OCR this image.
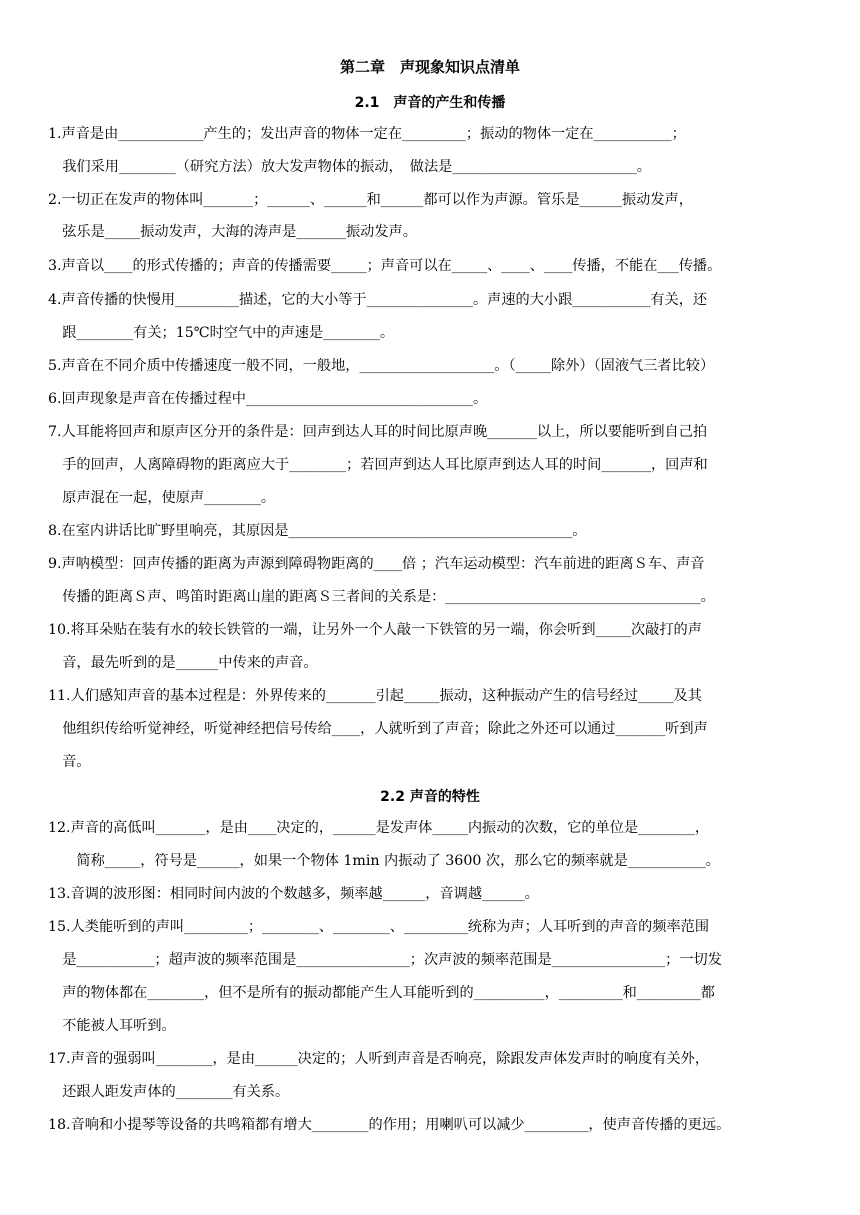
第二章　声现象知识点清单
2.1　声音的产生和传播

1.声音是由____________产生的；发出声音的物体一定在_________；振动的物体一定在___________；

　我们采用________（研究方法）放大发声物体的振动，　做法是__________________________。

2.一切正在发声的物体叫_______；______、______和______都可以作为声源。管乐是______振动发声，

　弦乐是_____振动发声，大海的涛声是_______振动发声。

3.声音以____的形式传播的；声音的传播需要_____；声音可以在_____、____、____传播，不能在___传播。

4.声音传播的快慢用_________描述，它的大小等于_______________。声速的大小跟___________有关，还

　跟________有关；15℃时空气中的声速是________。

5.声音在不同介质中传播速度一般不同，一般地，___________________。（_____除外）（固液气三者比较）

6.回声现象是声音在传播过程中________________________________。

7.人耳能将回声和原声区分开的条件是：回声到达人耳的时间比原声晚_______以上，所以要能听到自己拍

　手的回声，人离障碍物的距离应大于________；若回声到达人耳比原声到达人耳的时间_______，回声和

　原声混在一起，使原声________。

8.在室内讲话比旷野里响亮，其原因是________________________________________。

9.声呐模型：回声传播的距离为声源到障碍物距离的____倍 ；汽车运动模型：汽车前进的距离Ｓ车、声音

　传播的距离Ｓ声、鸣笛时距离山崖的距离Ｓ三者间的关系是：____________________________________。

10.将耳朵贴在装有水的较长铁管的一端，让另外一个人敲一下铁管的另一端，你会听到_____次敲打的声

　音，最先听到的是______中传来的声音。

11.人们感知声音的基本过程是：外界传来的_______引起_____振动，这种振动产生的信号经过_____及其

　他组织传给听觉神经，听觉神经把信号传给____，人就听到了声音；除此之外还可以通过_______听到声

　音。

2.2 声音的特性

12.声音的高低叫_______，是由____决定的，______是发声体_____内振动的次数，它的单位是________，

　　简称_____，符号是______，如果一个物体 1min 内振动了 3600 次，那么它的频率就是___________。

13.音调的波形图：相同时间内波的个数越多，频率越______，音调越______。

15.人类能听到的声叫_________；________、________、_________统称为声；人耳听到的声音的频率范围

　是___________；超声波的频率范围是________________；次声波的频率范围是________________；一切发

　声的物体都在________，但不是所有的振动都能产生人耳能听到的__________，_________和_________都

　不能被人耳听到。

17.声音的强弱叫________，是由______决定的；人听到声音是否响亮，除跟发声体发声时的响度有关外，

　还跟人距发声体的________有关系。

18.音响和小提琴等设备的共鸣箱都有增大________的作用；用喇叭可以减少_________，使声音传播的更远。
